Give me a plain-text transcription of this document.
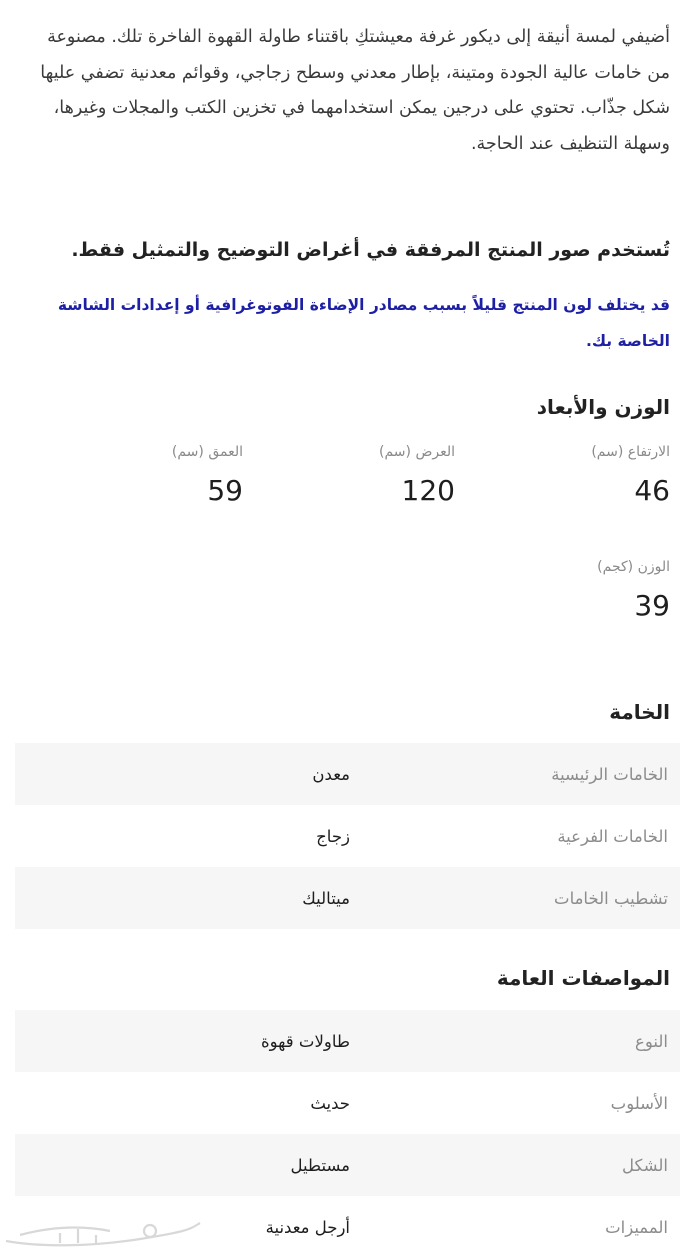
أضيفي لمسة أنيقة إلى ديكور غرفة معيشتكِ باقتناء طاولة القهوة الفاخرة تلك. مصنوعة من خامات عالية الجودة ومتينة، بإطار معدني وسطح زجاجي، وقوائم معدنية تضفي عليها شكل جذّاب. تحتوي على درجين يمكن استخدامهما في تخزين الكتب والمجلات وغيرها، وسهلة التنظيف عند الحاجة.

تُستخدم صور المنتج المرفقة في أغراض التوضيح والتمثيل فقط.

قد يختلف لون المنتج قليلاً بسبب مصادر الإضاءة الفوتوغرافية أو إعدادات الشاشة الخاصة بك.

الوزن والأبعاد
الارتفاع (سم)
46
العرض (سم)
120
العمق (سم)
59
الوزن (كجم)
39
الخامة
الخامات الرئيسية
معدن
الخامات الفرعية
زجاج
تشطيب الخامات
ميتاليك
المواصفات العامة
النوع
طاولات قهوة
الأسلوب
حديث
الشكل
مستطيل
المميزات
أرجل معدنية
